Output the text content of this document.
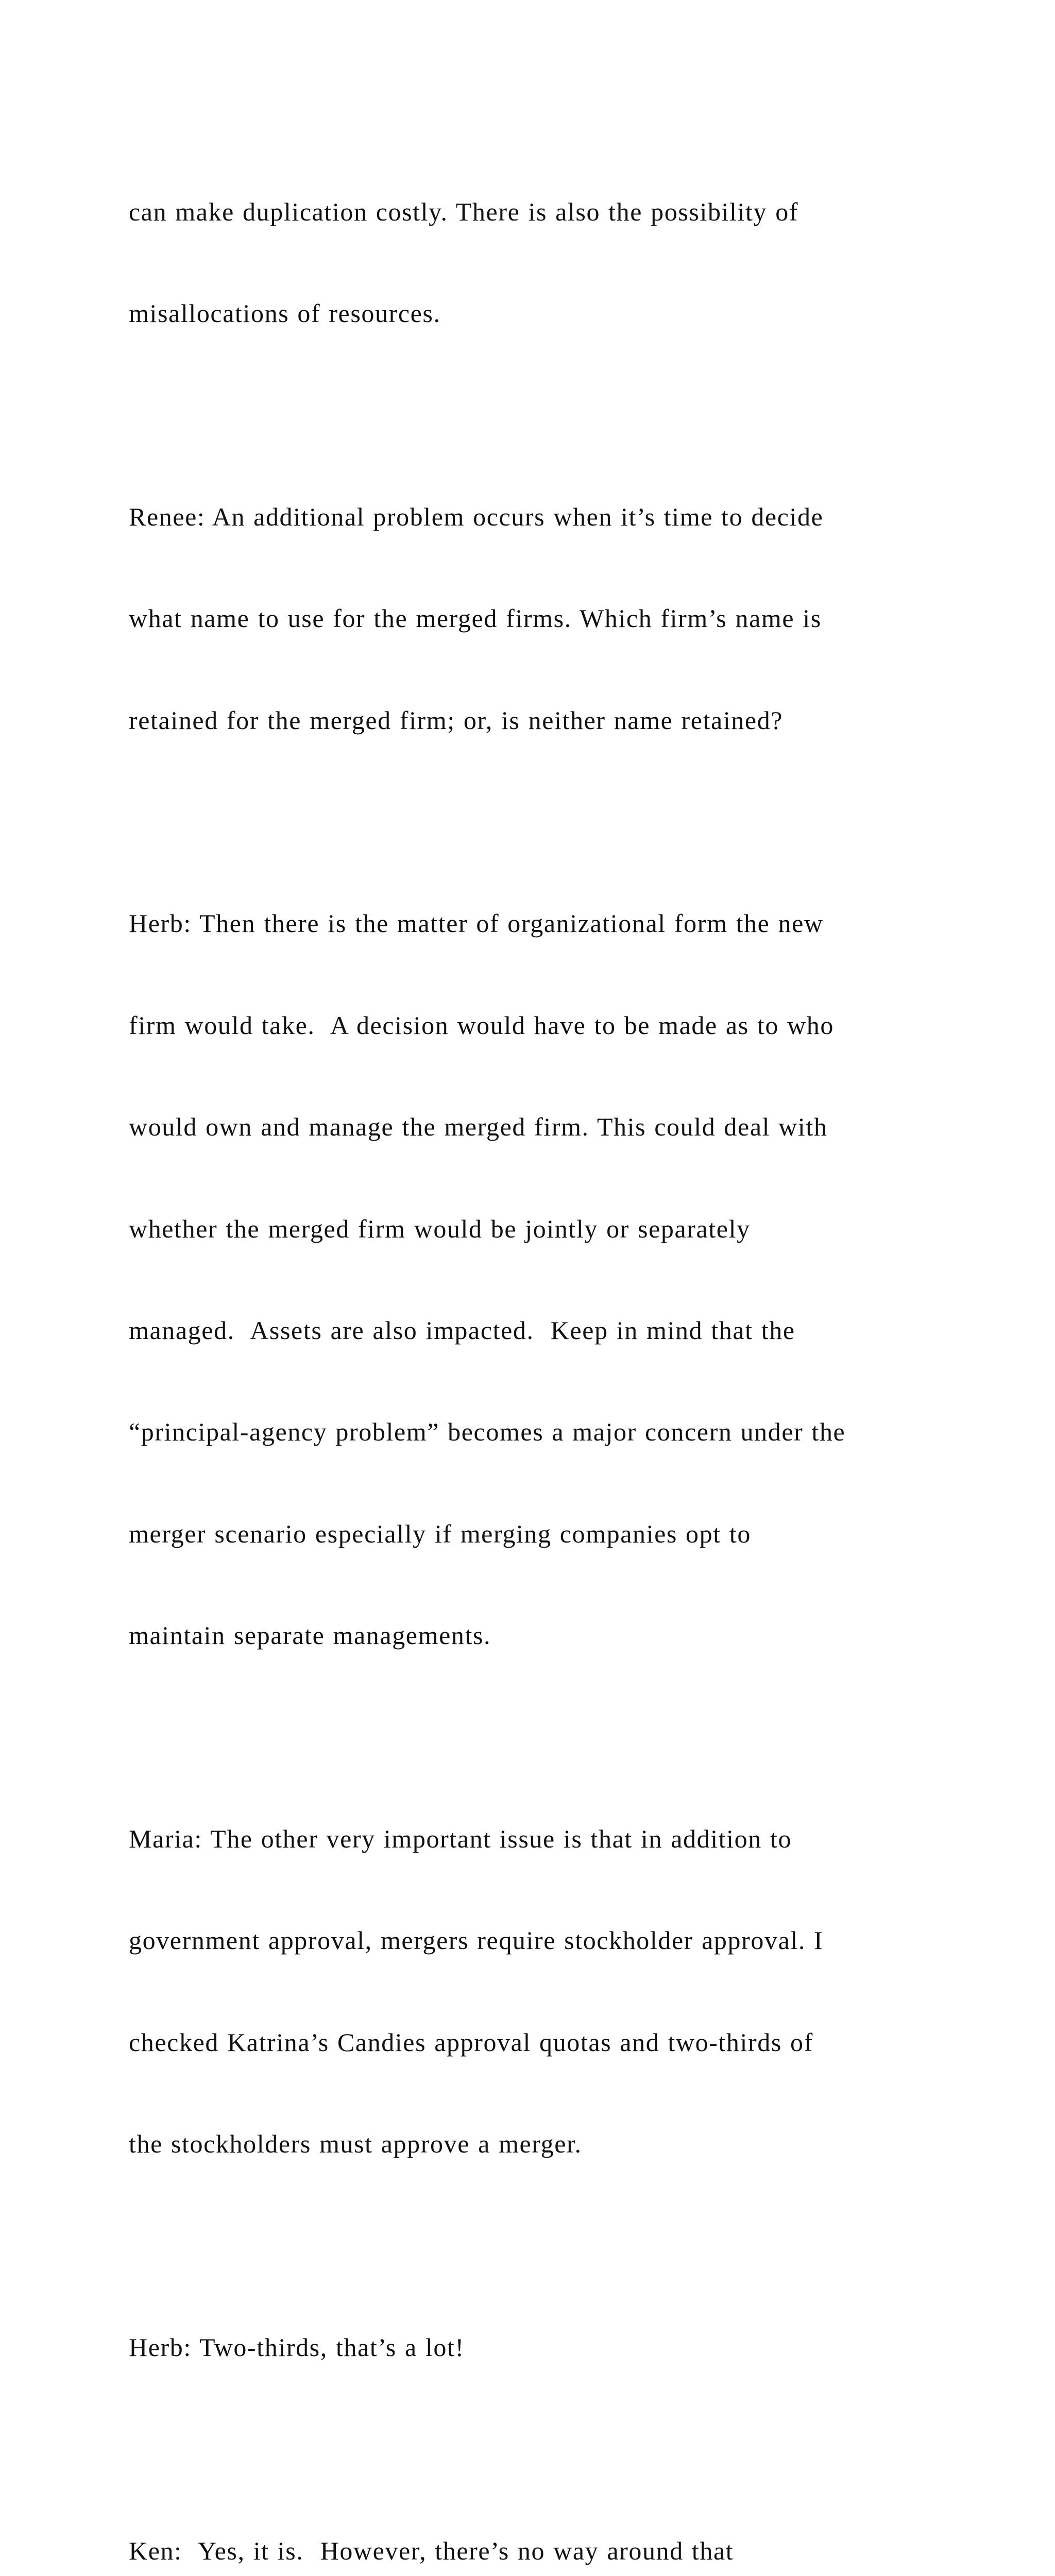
can make duplication costly. There is also the possibility of

misallocations of resources.

Renee: An additional problem occurs when it’s time to decide

what name to use for the merged firms. Which firm’s name is

retained for the merged firm; or, is neither name retained?

Herb: Then there is the matter of organizational form the new

firm would take.  A decision would have to be made as to who

would own and manage the merged firm. This could deal with

whether the merged firm would be jointly or separately

managed.  Assets are also impacted.  Keep in mind that the

“principal-agency problem” becomes a major concern under the

merger scenario especially if merging companies opt to

maintain separate managements.

Maria: The other very important issue is that in addition to

government approval, mergers require stockholder approval. I

checked Katrina’s Candies approval quotas and two-thirds of

the stockholders must approve a merger.

Herb: Two-thirds, that’s a lot!

Ken:  Yes, it is.  However, there’s no way around that
